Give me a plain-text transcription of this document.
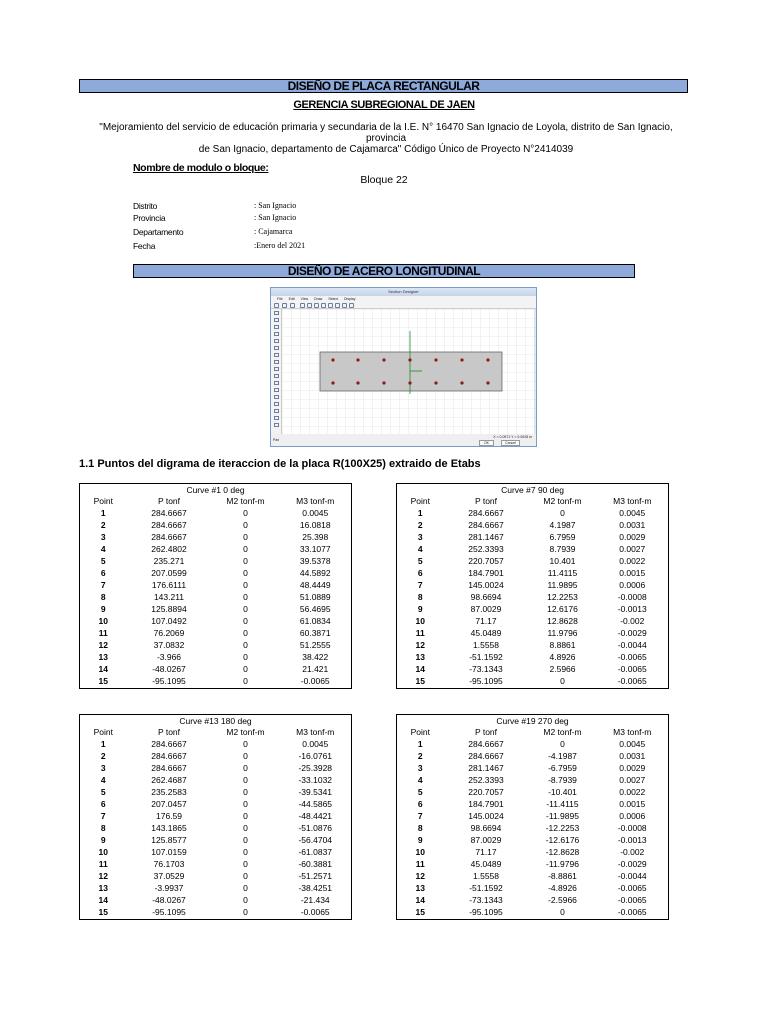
DISEÑO DE PLACA RECTANGULAR
GERENCIA SUBREGIONAL DE JAEN
"Mejoramiento del servicio de educación primaria y secundaria de la I.E. N° 16470 San Ignacio de Loyola, distrito de San Ignacio, provincia
de San Ignacio, departamento de Cajamarca" Código Único de Proyecto N°2414039
Nombre de modulo o bloque:
Bloque 22
Distrito	: San Ignacio
Provincia	: San Ignacio
Departamento	: Cajamarca
Fecha	:Enero del 2021
DISEÑO DE ACERO LONGITUDINAL
Section Designer
File Edit View Draw Select Display
Pan
X = 0.0971 Y = 0.0028 m
OK	Cancel
1.1 Puntos del digrama de iteraccion de la placa R(100X25) extraido de Etabs
Curve #1 0 deg			
Point	P tonf	M2 tonf-m	M3 tonf-m
1	284.6667	0	0.0045
2	284.6667	0	16.0818
3	284.6667	0	25.398
4	262.4802	0	33.1077
5	235.271	0	39.5378
6	207.0599	0	44.5892
7	176.6111	0	48.4449
8	143.211	0	51.0889
9	125.8894	0	56.4695
10	107.0492	0	61.0834
11	76.2069	0	60.3871
12	37.0832	0	51.2555
13	-3.966	0	38.422
14	-48.0267	0	21.421
15	-95.1095	0	-0.0065
Curve #7 90 deg			
Point	P tonf	M2 tonf-m	M3 tonf-m
1	284.6667	0	0.0045
2	284.6667	4.1987	0.0031
3	281.1467	6.7959	0.0029
4	252.3393	8.7939	0.0027
5	220.7057	10.401	0.0022
6	184.7901	11.4115	0.0015
7	145.0024	11.9895	0.0006
8	98.6694	12.2253	-0.0008
9	87.0029	12.6176	-0.0013
10	71.17	12.8628	-0.002
11	45.0489	11.9796	-0.0029
12	1.5558	8.8861	-0.0044
13	-51.1592	4.8926	-0.0065
14	-73.1343	2.5966	-0.0065
15	-95.1095	0	-0.0065
Curve #13 180 deg			
Point	P tonf	M2 tonf-m	M3 tonf-m
1	284.6667	0	0.0045
2	284.6667	0	-16.0761
3	284.6667	0	-25.3928
4	262.4687	0	-33.1032
5	235.2583	0	-39.5341
6	207.0457	0	-44.5865
7	176.59	0	-48.4421
8	143.1865	0	-51.0876
9	125.8577	0	-56.4704
10	107.0159	0	-61.0837
11	76.1703	0	-60.3881
12	37.0529	0	-51.2571
13	-3.9937	0	-38.4251
14	-48.0267	0	-21.434
15	-95.1095	0	-0.0065
Curve #19 270 deg			
Point	P tonf	M2 tonf-m	M3 tonf-m
1	284.6667	0	0.0045
2	284.6667	-4.1987	0.0031
3	281.1467	-6.7959	0.0029
4	252.3393	-8.7939	0.0027
5	220.7057	-10.401	0.0022
6	184.7901	-11.4115	0.0015
7	145.0024	-11.9895	0.0006
8	98.6694	-12.2253	-0.0008
9	87.0029	-12.6176	-0.0013
10	71.17	-12.8628	-0.002
11	45.0489	-11.9796	-0.0029
12	1.5558	-8.8861	-0.0044
13	-51.1592	-4.8926	-0.0065
14	-73.1343	-2.5966	-0.0065
15	-95.1095	0	-0.0065
